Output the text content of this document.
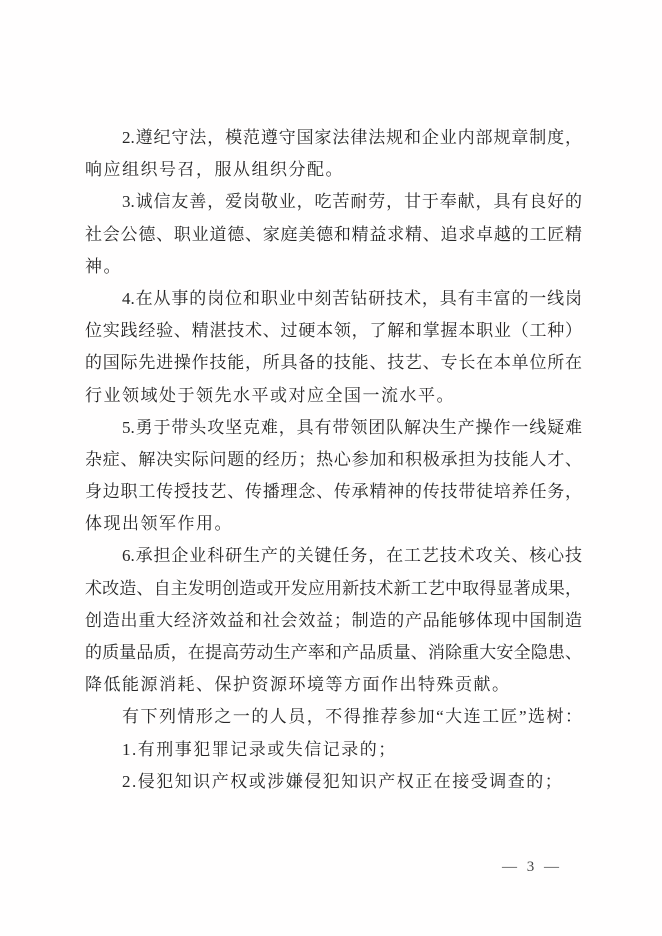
2.遵纪守法，模范遵守国家法律法规和企业内部规章制度，
响应组织号召，服从组织分配。
3.诚信友善，爱岗敬业，吃苦耐劳，甘于奉献，具有良好的
社会公德、职业道德、家庭美德和精益求精、追求卓越的工匠精
神。
4.在从事的岗位和职业中刻苦钻研技术，具有丰富的一线岗
位实践经验、精湛技术、过硬本领，了解和掌握本职业（工种）
的国际先进操作技能，所具备的技能、技艺、专长在本单位所在
行业领域处于领先水平或对应全国一流水平。
5.勇于带头攻坚克难，具有带领团队解决生产操作一线疑难
杂症、解决实际问题的经历；热心参加和积极承担为技能人才、
身边职工传授技艺、传播理念、传承精神的传技带徒培养任务，
体现出领军作用。
6.承担企业科研生产的关键任务，在工艺技术攻关、核心技
术改造、自主发明创造或开发应用新技术新工艺中取得显著成果，
创造出重大经济效益和社会效益；制造的产品能够体现中国制造
的质量品质，在提高劳动生产率和产品质量、消除重大安全隐患、
降低能源消耗、保护资源环境等方面作出特殊贡献。
有下列情形之一的人员，不得推荐参加“大连工匠”选树：
1.有刑事犯罪记录或失信记录的；
2.侵犯知识产权或涉嫌侵犯知识产权正在接受调查的；
— 3 —
